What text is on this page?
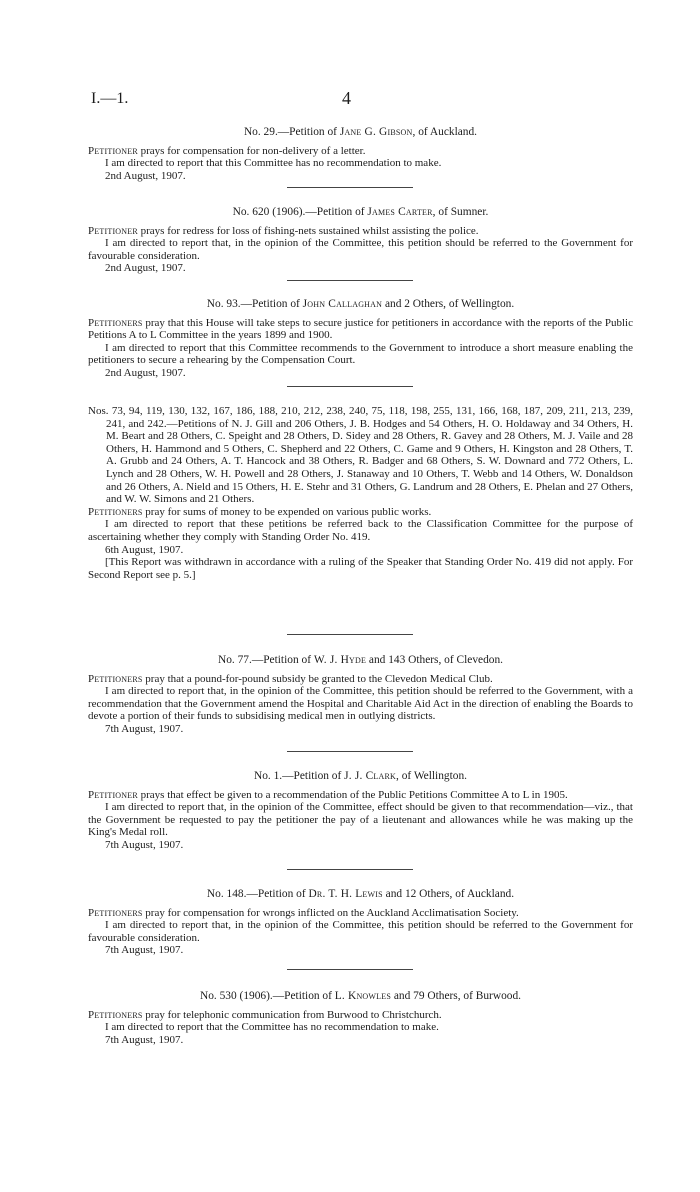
I.—1.	4

No. 29.—Petition of Jane G. Gibson, of Auckland.

Petitioner prays for compensation for non-delivery of a letter.

I am directed to report that this Committee has no recommendation to make.

2nd August, 1907.

No. 620 (1906).—Petition of James Carter, of Sumner.

Petitioner prays for redress for loss of fishing-nets sustained whilst assisting the police.

I am directed to report that, in the opinion of the Committee, this petition should be referred to the Government for favourable consideration.

2nd August, 1907.

No. 93.—Petition of John Callaghan and 2 Others, of Wellington.

Petitioners pray that this House will take steps to secure justice for petitioners in accordance with the reports of the Public Petitions A to L Committee in the years 1899 and 1900.

I am directed to report that this Committee recommends to the Government to introduce a short measure enabling the petitioners to secure a rehearing by the Compensation Court.

2nd August, 1907.

Nos. 73, 94, 119, 130, 132, 167, 186, 188, 210, 212, 238, 240, 75, 118, 198, 255, 131, 166, 168, 187, 209, 211, 213, 239, 241, and 242.—Petitions of N. J. Gill and 206 Others, J. B. Hodges and 54 Others, H. O. Holdaway and 34 Others, H. M. Beart and 28 Others, C. Speight and 28 Others, D. Sidey and 28 Others, R. Gavey and 28 Others, M. J. Vaile and 28 Others, H. Hammond and 5 Others, C. Shepherd and 22 Others, C. Game and 9 Others, H. Kingston and 28 Others, T. A. Grubb and 24 Others, A. T. Hancock and 38 Others, R. Badger and 68 Others, S. W. Downard and 772 Others, L. Lynch and 28 Others, W. H. Powell and 28 Others, J. Stanaway and 10 Others, T. Webb and 14 Others, W. Donaldson and 26 Others, A. Nield and 15 Others, H. E. Stehr and 31 Others, G. Landrum and 28 Others, E. Phelan and 27 Others, and W. W. Simons and 21 Others.

Petitioners pray for sums of money to be expended on various public works.

I am directed to report that these petitions be referred back to the Classification Committee for the purpose of ascertaining whether they comply with Standing Order No. 419.

6th August, 1907.

[This Report was withdrawn in accordance with a ruling of the Speaker that Standing Order No. 419 did not apply. For Second Report see p. 5.]

No. 77.—Petition of W. J. Hyde and 143 Others, of Clevedon.

Petitioners pray that a pound-for-pound subsidy be granted to the Clevedon Medical Club.

I am directed to report that, in the opinion of the Committee, this petition should be referred to the Government, with a recommendation that the Government amend the Hospital and Charitable Aid Act in the direction of enabling the Boards to devote a portion of their funds to subsidising medical men in outlying districts.

7th August, 1907.

No. 1.—Petition of J. J. Clark, of Wellington.

Petitioner prays that effect be given to a recommendation of the Public Petitions Committee A to L in 1905.

I am directed to report that, in the opinion of the Committee, effect should be given to that recommendation—viz., that the Government be requested to pay the petitioner the pay of a lieutenant and allowances while he was making up the King's Medal roll.

7th August, 1907.

No. 148.—Petition of Dr. T. H. Lewis and 12 Others, of Auckland.

Petitioners pray for compensation for wrongs inflicted on the Auckland Acclimatisation Society.

I am directed to report that, in the opinion of the Committee, this petition should be referred to the Government for favourable consideration.

7th August, 1907.

No. 530 (1906).—Petition of L. Knowles and 79 Others, of Burwood.

Petitioners pray for telephonic communication from Burwood to Christchurch.

I am directed to report that the Committee has no recommendation to make.

7th August, 1907.
